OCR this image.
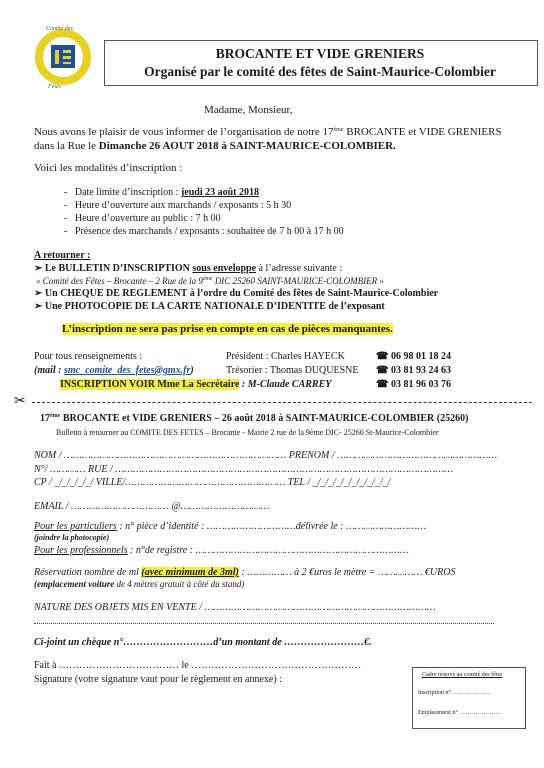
Comité des
Fêtes
BROCANTE ET VIDE GRENIERS
Organisé par le comité des fêtes de Saint-Maurice-Colombier
Madame, Monsieur,
Nous avons le plaisir de vous informer de l’organisation de notre 17ème BROCANTE et VIDE GRENIERS
dans la Rue le Dimanche 26 AOUT 2018 à SAINT-MAURICE-COLOMBIER.
Voici les modalités d’inscription :
-   Date limite d’inscription : jeudi 23 août 2018
-   Heure d’ouverture aux marchands / exposants : 5 h 30
-   Heure d’ouverture au public : 7 h 00
-   Présence des marchands / exposants : souhaitée de 7 h 00 à 17 h 00
A retourner :
➢ Le BULLETIN D’INSCRIPTION sous enveloppe à l’adresse suivante :
« Comité des Fêtes – Brocante – 2 Rue de la 9ème DIC 25260 SAINT-MAURICE-COLOMBIER »
➢ Un CHEQUE DE REGLEMENT à l’ordre du Comité des fêtes de Saint-Maurice-Colombier
➢ Une PHOTOCOPIE DE LA CARTE NATIONALE D’IDENTITE de l’exposant
L’inscription ne sera pas prise en compte en cas de pièces manquantes.
Pour tous renseignements :
(mail : smc_comite_des_fetes@gmx.fr)
Président : Charles HAYECK	☎ 06 98 01 18 24
Trésorier : Thomas DUQUESNE ☎ 03 81 93 24 63
INSCRIPTION VOIR Mme La Secrétaire : M-Claude CARREY	☎ 03 81 96 03 76
✂
17ème BROCANTE et VIDE GRENIERS – 26 août 2018 à SAINT-MAURICE-COLOMBIER (25260)
Bulletin à retourner au COMITE DES FETES – Brocante - Mairie 2 rue de la 9ème DIC- 25260 St-Maurice-Colombier
NOM / ………………………………………………………………… PRENOM / ………………………………………………
N°/ ………… RUE / ……………………………………………………………………………………………………
CP / _/_/_/_/_/ VILLE/……………………………………………… TEL / _/_/_/_/_/_/_/_/_/_/
EMAIL / …………………………… @…………………………
Pour les particuliers : n° pièce d’identité : …………………………délivrée le : ………………………
(joindre la photocopie)
Pour les professionnels : n°de registre : ………………………………………………………………
Réservation nombre de ml (avec minimum de 3ml) : …………… à 2 €uros le mètre = …………… €UROS
(emplacement voiture de 4 mètres gratuit à côté du stand)
NATURE DES OBJETS MIS EN VENTE / ……………………………………………………………………
Ci-joint un chèque n°………………………d’un montant de ……………………€.
Fait à ……………………………… le ……………………………………………
Signature (votre signature vaut pour le règlement en annexe) :	Cadre réservé au comité des fêtes
Inscription n° ……………….
Emplacement n° …………………
